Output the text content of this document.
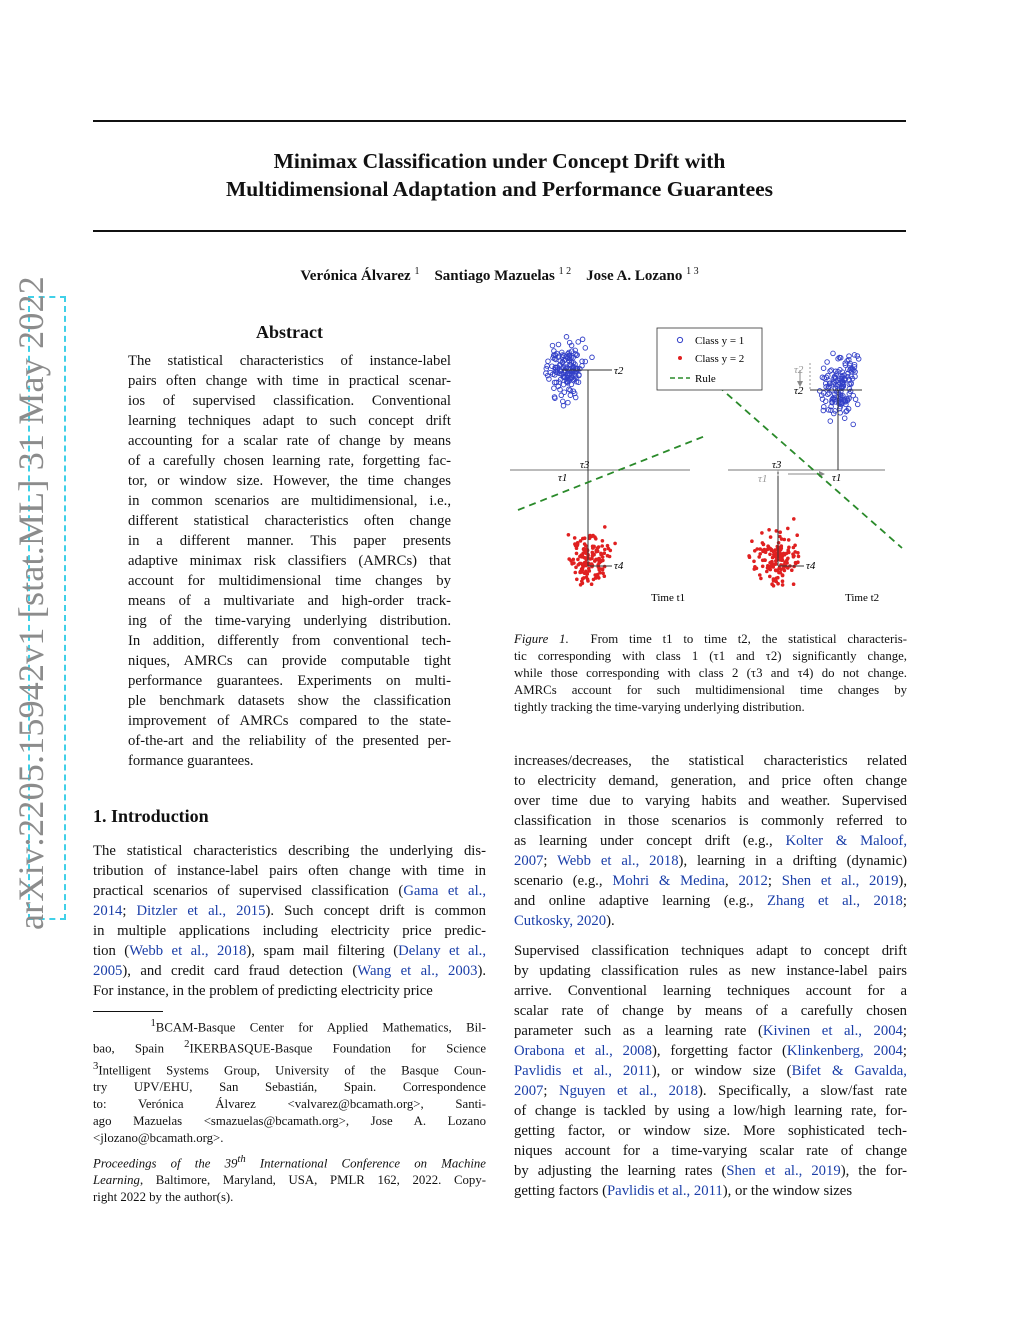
arXiv:2205.15942v1 [stat.ML] 31 May 2022
Minimax Classification under Concept Drift with
Multidimensional Adaptation and Performance Guarantees
Verónica Álvarez $^1$ Santiago Mazuelas $^{1 2}$ Jose A. Lozano $^{1 3}$
Abstract
The statistical characteristics of instance-label
pairs often change with time in practical scenar-
ios of supervised classification. Conventional
learning techniques adapt to such concept drift
accounting for a scalar rate of change by means
of a carefully chosen learning rate, forgetting fac-
tor, or window size. However, the time changes
in common scenarios are multidimensional, i.e.,
different statistical characteristics often change
in a different manner. This paper presents
adaptive minimax risk classifiers (AMRCs) that
account for multidimensional time changes by
means of a multivariate and high-order track-
ing of the time-varying underlying distribution.
In addition, differently from conventional tech-
niques, AMRCs can provide computable tight
performance guarantees. Experiments on multi-
ple benchmark datasets show the classification
improvement of AMRCs compared to the state-
of-the-art and the reliability of the presented per-
formance guarantees.
1. Introduction
The statistical characteristics describing the underlying dis-
tribution of instance-label pairs often change with time in
practical scenarios of supervised classification (Gama et al.,
2014; Ditzler et al., 2015). Such concept drift is common
in multiple applications including electricity price predic-
tion (Webb et al., 2018), spam mail filtering (Delany et al.,
2005), and credit card fraud detection (Wang et al., 2003).
For instance, in the problem of predicting electricity price
$^1$BCAM-Basque Center for Applied Mathematics, Bil-
bao, Spain $^2$IKERBASQUE-Basque Foundation for Science
$^3$Intelligent Systems Group, University of the Basque Coun-
try UPV/EHU, San Sebastián, Spain. Correspondence
to: Verónica Álvarez <valvarez@bcamath.org>, Santi-
ago Mazuelas <smazuelas@bcamath.org>, Jose A. Lozano
<jlozano@bcamath.org>.
Proceedings of the 39th International Conference on Machine
Learning, Baltimore, Maryland, USA, PMLR 162, 2022. Copy-
right 2022 by the author(s).
τ2
τ1
τ3
τ4
τ3
τ1	τ1
τ2
τ2
τ4
Class y = 1
Class y = 2
Rule
Time t1	Time t2
Figure 1. From time t1 to time t2, the statistical characteris-
tic corresponding with class 1 (τ1 and τ2) significantly change,
while those corresponding with class 2 (τ3 and τ4) do not change.
AMRCs account for such multidimensional time changes by
tightly tracking the time-varying underlying distribution.
increases/decreases, the statistical characteristics related
to electricity demand, generation, and price often change
over time due to varying habits and weather. Supervised
classification in those scenarios is commonly referred to
as learning under concept drift (e.g., Kolter & Maloof,
2007; Webb et al., 2018), learning in a drifting (dynamic)
scenario (e.g., Mohri & Medina, 2012; Shen et al., 2019),
and online adaptive learning (e.g., Zhang et al., 2018;
Cutkosky, 2020).
Supervised classification techniques adapt to concept drift
by updating classification rules as new instance-label pairs
arrive. Conventional learning techniques account for a
scalar rate of change by means of a carefully chosen
parameter such as a learning rate (Kivinen et al., 2004;
Orabona et al., 2008), forgetting factor (Klinkenberg, 2004;
Pavlidis et al., 2011), or window size (Bifet & Gavalda,
2007; Nguyen et al., 2018). Specifically, a slow/fast rate
of change is tackled by using a low/high learning rate, for-
getting factor, or window size. More sophisticated tech-
niques account for a time-varying scalar rate of change
by adjusting the learning rates (Shen et al., 2019), the for-
getting factors (Pavlidis et al., 2011), or the window sizes
